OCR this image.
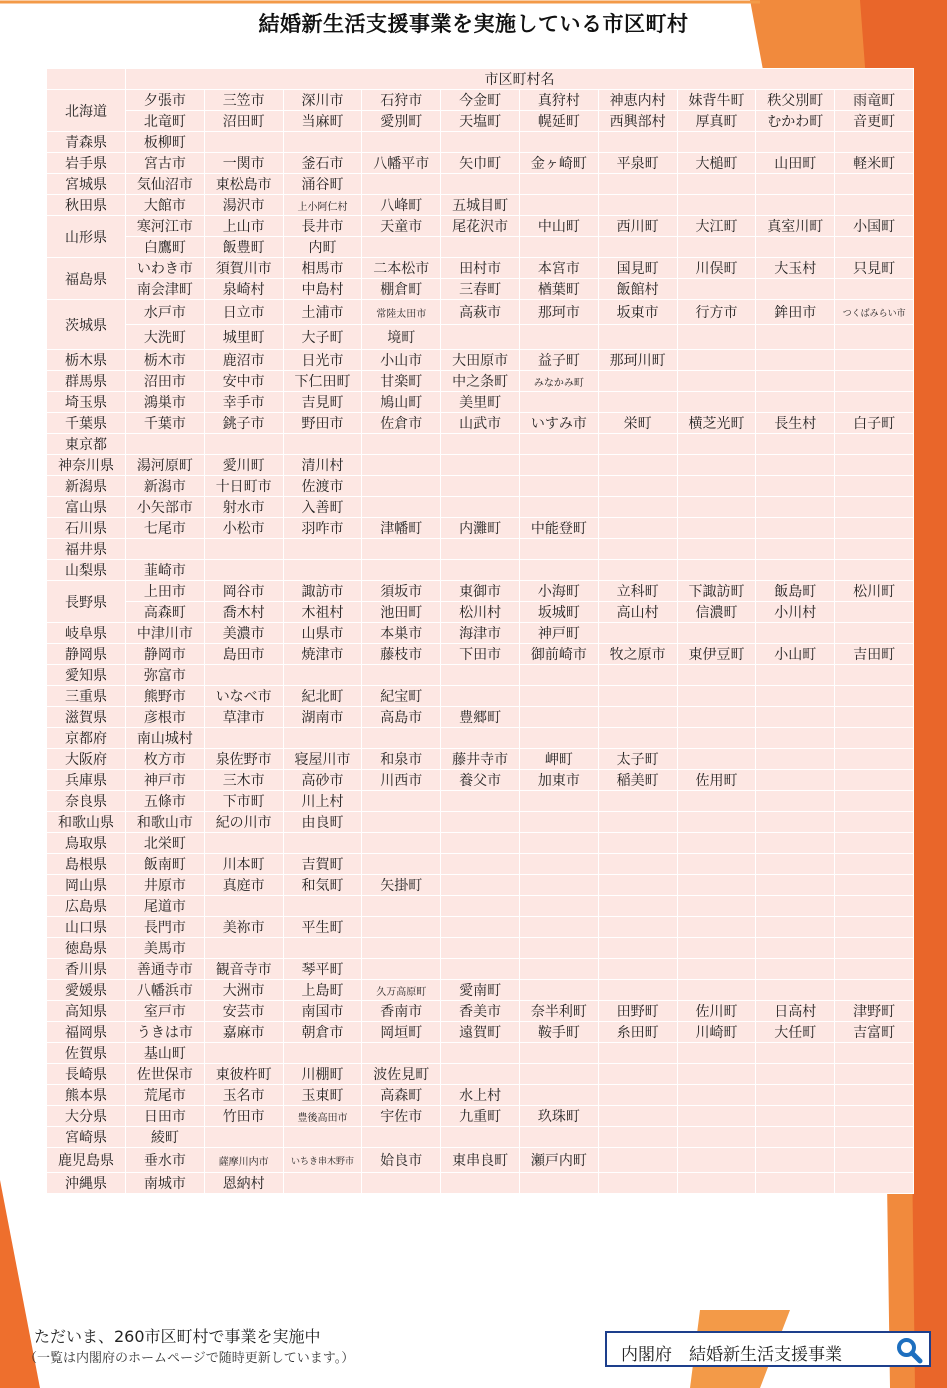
結婚新生活支援事業を実施している市区町村
	市区町村名									
北海道	夕張市	三笠市	深川市	石狩市	今金町	真狩村	神恵内村	妹背牛町	秩父別町	雨竜町
	北竜町	沼田町	当麻町	愛別町	天塩町	幌延町	西興部村	厚真町	むかわ町	音更町
青森県	板柳町									
岩手県	宮古市	一関市	釜石市	八幡平市	矢巾町	金ヶ崎町	平泉町	大槌町	山田町	軽米町
宮城県	気仙沼市	東松島市	涌谷町							
秋田県	大館市	湯沢市	上小阿仁村	八峰町	五城目町					
山形県	寒河江市	上山市	長井市	天童市	尾花沢市	中山町	西川町	大江町	真室川町	小国町
	白鷹町	飯豊町	内町							
福島県	いわき市	須賀川市	相馬市	二本松市	田村市	本宮市	国見町	川俣町	大玉村	只見町
	南会津町	泉崎村	中島村	棚倉町	三春町	楢葉町	飯館村			
茨城県	水戸市	日立市	土浦市	常陸太田市	高萩市	那珂市	坂東市	行方市	鉾田市	つくばみらい市
	大洗町	城里町	大子町	境町						
栃木県	栃木市	鹿沼市	日光市	小山市	大田原市	益子町	那珂川町			
群馬県	沼田市	安中市	下仁田町	甘楽町	中之条町	みなかみ町				
埼玉県	鴻巣市	幸手市	吉見町	鳩山町	美里町					
千葉県	千葉市	銚子市	野田市	佐倉市	山武市	いすみ市	栄町	横芝光町	長生村	白子町
東京都										
神奈川県	湯河原町	愛川町	清川村							
新潟県	新潟市	十日町市	佐渡市							
富山県	小矢部市	射水市	入善町							
石川県	七尾市	小松市	羽咋市	津幡町	内灘町	中能登町				
福井県										
山梨県	韮崎市									
長野県	上田市	岡谷市	諏訪市	須坂市	東御市	小海町	立科町	下諏訪町	飯島町	松川町
	高森町	喬木村	木祖村	池田町	松川村	坂城町	高山村	信濃町	小川村	
岐阜県	中津川市	美濃市	山県市	本巣市	海津市	神戸町				
静岡県	静岡市	島田市	焼津市	藤枝市	下田市	御前崎市	牧之原市	東伊豆町	小山町	吉田町
愛知県	弥富市									
三重県	熊野市	いなべ市	紀北町	紀宝町						
滋賀県	彦根市	草津市	湖南市	高島市	豊郷町					
京都府	南山城村									
大阪府	枚方市	泉佐野市	寝屋川市	和泉市	藤井寺市	岬町	太子町			
兵庫県	神戸市	三木市	高砂市	川西市	養父市	加東市	稲美町	佐用町		
奈良県	五條市	下市町	川上村							
和歌山県	和歌山市	紀の川市	由良町							
鳥取県	北栄町									
島根県	飯南町	川本町	吉賀町							
岡山県	井原市	真庭市	和気町	矢掛町						
広島県	尾道市									
山口県	長門市	美祢市	平生町							
徳島県	美馬市									
香川県	善通寺市	観音寺市	琴平町							
愛媛県	八幡浜市	大洲市	上島町	久万高原町	愛南町					
高知県	室戸市	安芸市	南国市	香南市	香美市	奈半利町	田野町	佐川町	日高村	津野町
福岡県	うきは市	嘉麻市	朝倉市	岡垣町	遠賀町	鞍手町	糸田町	川崎町	大任町	吉富町
佐賀県	基山町									
長崎県	佐世保市	東彼杵町	川棚町	波佐見町						
熊本県	荒尾市	玉名市	玉東町	高森町	水上村					
大分県	日田市	竹田市	豊後高田市	宇佐市	九重町	玖珠町				
宮崎県	綾町									
鹿児島県	垂水市	薩摩川内市	いちき串木野市	姶良市	東串良町	瀬戸内町				
沖縄県	南城市	恩納村								
ただいま、260市区町村で事業を実施中
（一覧は内閣府のホームページで随時更新しています。）	内閣府　結婚新生活支援事業
